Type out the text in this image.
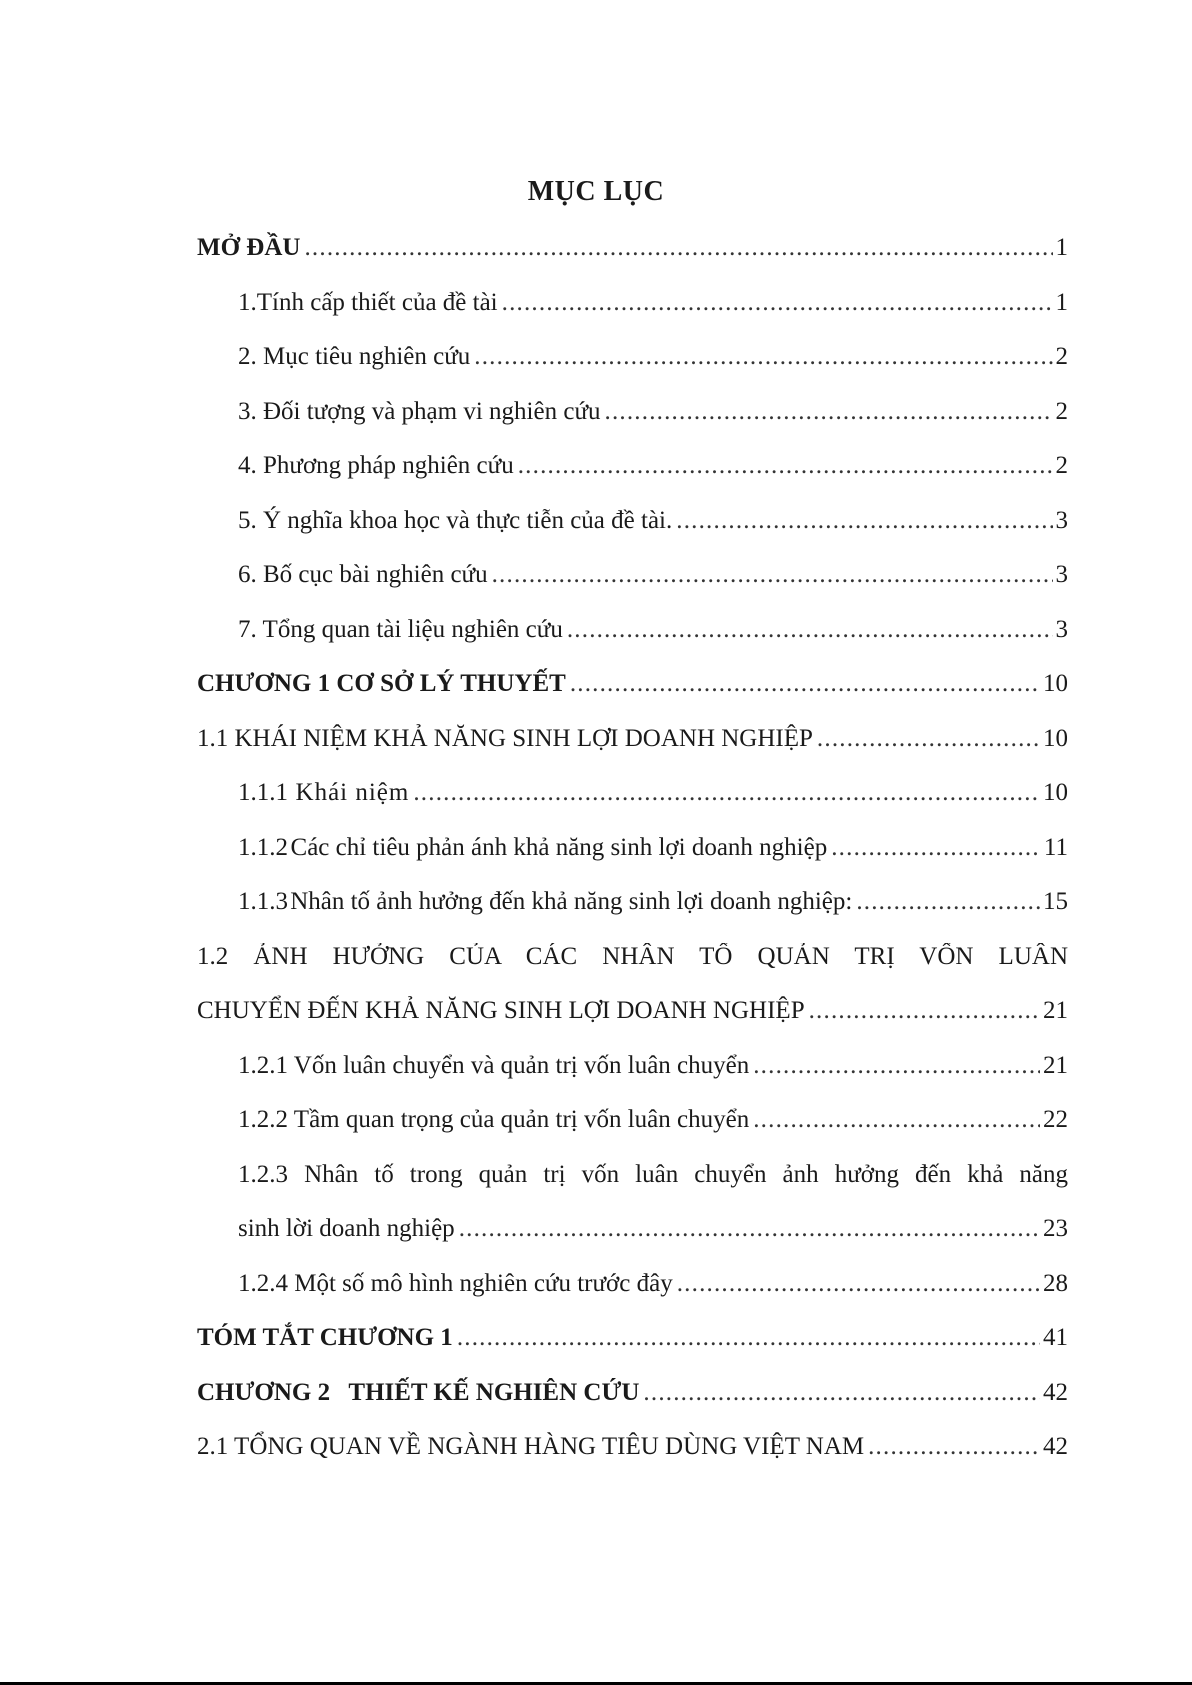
MỤC LỤC
MỞ ĐẦU .....	1
1.Tính cấp thiết của đề tài .....	1
2. Mục tiêu nghiên cứu .....	2
3. Đối tượng và phạm vi nghiên cứu .....	2
4. Phương pháp nghiên cứu .....	2
5. Ý nghĩa khoa học và thực tiễn của đề tài. .....	3
6. Bố cục bài nghiên cứu .....	3
7. Tổng quan tài liệu nghiên cứu .....	3
CHƯƠNG 1 CƠ SỞ LÝ THUYẾT .....	10
1.1 KHÁI NIỆM KHẢ NĂNG SINH LỢI DOANH NGHIỆP .....	10
1.1.1 Khái niệm .....	10
1.1.2 Các chỉ tiêu phản ánh khả năng sinh lợi doanh nghiệp .....	11
1.1.3 Nhân tố ảnh hưởng đến khả năng sinh lợi doanh nghiệp: .....	15
1.2 ẢNH HƯỞNG CỦA CÁC NHÂN TỐ QUẢN TRỊ VỐN LUÂN
CHUYỂN ĐẾN KHẢ NĂNG SINH LỢI DOANH NGHIỆP .....	21
1.2.1 Vốn luân chuyển và quản trị vốn luân chuyển .....	21
1.2.2 Tầm quan trọng của quản trị vốn luân chuyển .....	22
1.2.3 Nhân tố trong quản trị vốn luân chuyển ảnh hưởng đến khả năng
sinh lời doanh nghiệp .....	23
1.2.4 Một số mô hình nghiên cứu trước đây .....	28
TÓM TẮT CHƯƠNG 1 .....	41
CHƯƠNG 2   THIẾT KẾ NGHIÊN CỨU .....	42
2.1 TỔNG QUAN VỀ NGÀNH HÀNG TIÊU DÙNG VIỆT NAM .....	42
